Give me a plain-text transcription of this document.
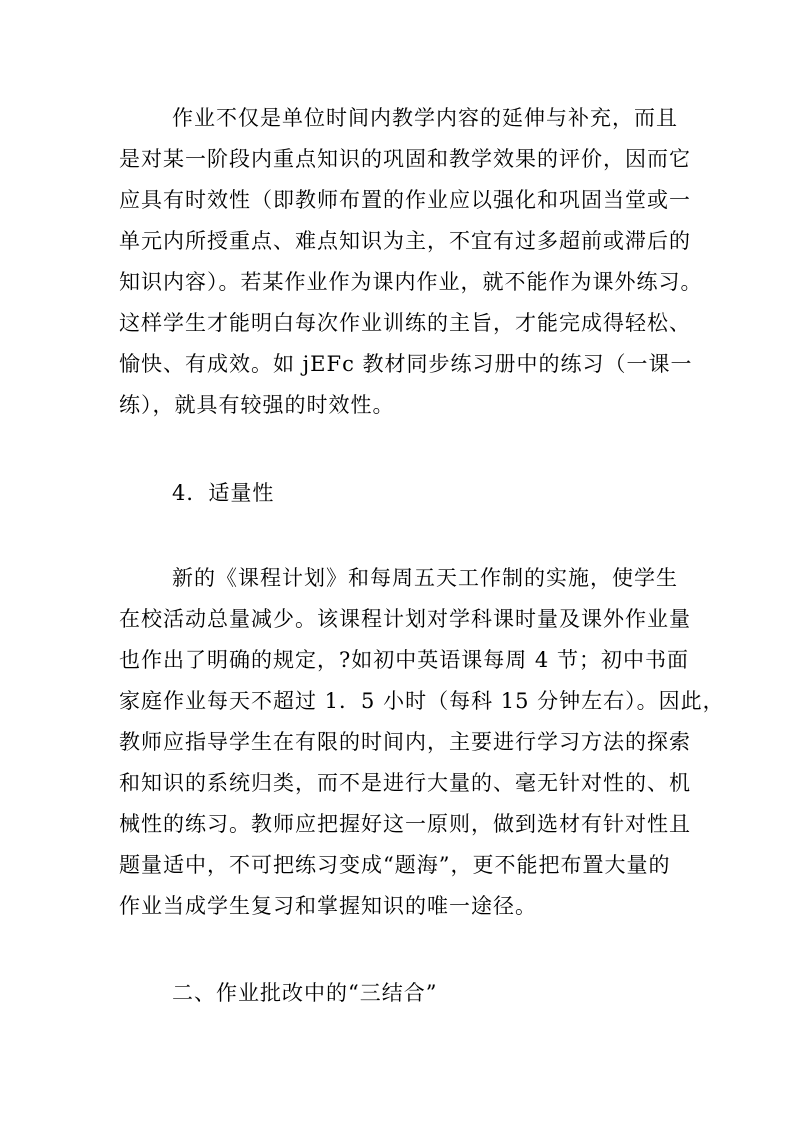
作业不仅是单位时间内教学内容的延伸与补充，而且
是对某一阶段内重点知识的巩固和教学效果的评价，因而它
应具有时效性（即教师布置的作业应以强化和巩固当堂或一
单元内所授重点、难点知识为主，不宜有过多超前或滞后的
知识内容）。若某作业作为课内作业，就不能作为课外练习。
这样学生才能明白每次作业训练的主旨，才能完成得轻松、
愉快、有成效。如 jEFc 教材同步练习册中的练习（一课一
练），就具有较强的时效性。
4．适量性
新的《课程计划》和每周五天工作制的实施，使学生
在校活动总量减少。该课程计划对学科课时量及课外作业量
也作出了明确的规定，?如初中英语课每周 4 节；初中书面
家庭作业每天不超过 1．5 小时（每科 15 分钟左右）。因此，
教师应指导学生在有限的时间内，主要进行学习方法的探索
和知识的系统归类，而不是进行大量的、毫无针对性的、机
械性的练习。教师应把握好这一原则，做到选材有针对性且
题量适中，不可把练习变成“题海”，更不能把布置大量的
作业当成学生复习和掌握知识的唯一途径。
二、作业批改中的“三结合”
